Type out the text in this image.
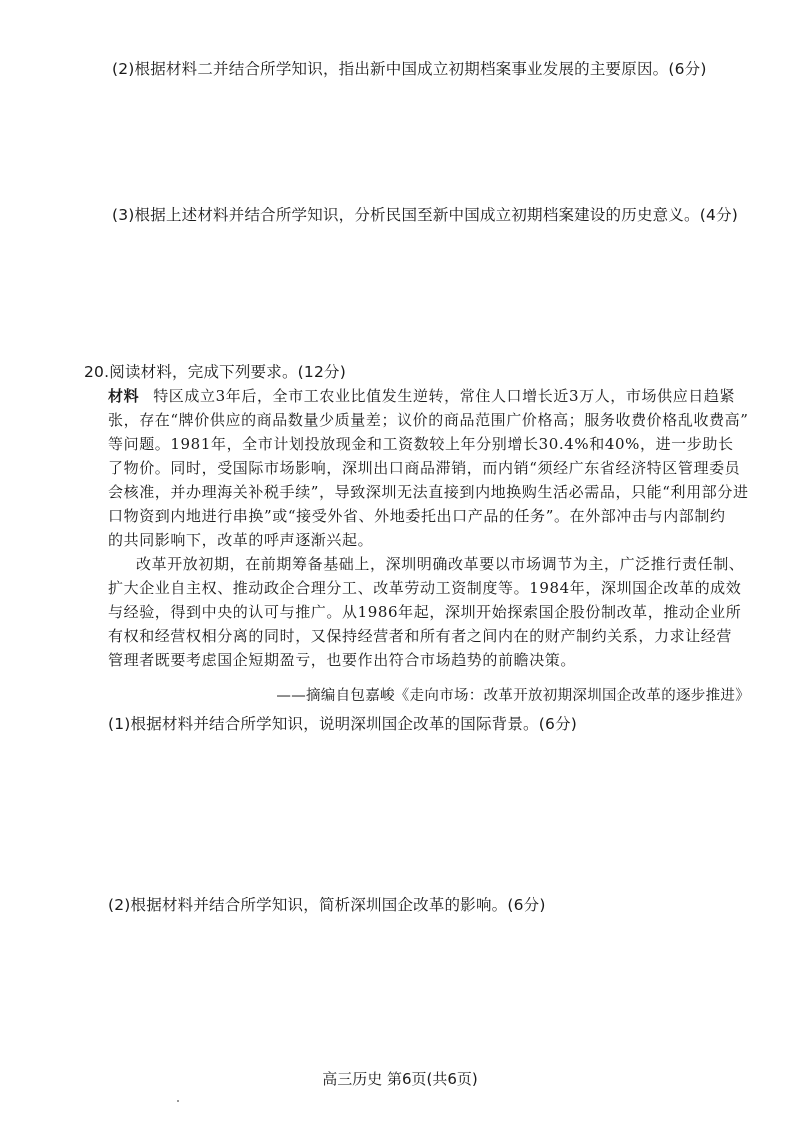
(2)根据材料二并结合所学知识，指出新中国成立初期档案事业发展的主要原因。(6分)
(3)根据上述材料并结合所学知识，分析民国至新中国成立初期档案建设的历史意义。(4分)
20.阅读材料，完成下列要求。(12分)
材料 特区成立3年后，全市工农业比值发生逆转，常住人口增长近3万人，市场供应日趋紧
张，存在“牌价供应的商品数量少质量差；议价的商品范围广价格高；服务收费价格乱收费高”
等问题。1981年，全市计划投放现金和工资数较上年分别增长30.4%和40%，进一步助长
了物价。同时，受国际市场影响，深圳出口商品滞销，而内销“须经广东省经济特区管理委员
会核准，并办理海关补税手续”，导致深圳无法直接到内地换购生活必需品，只能“利用部分进
口物资到内地进行串换”或“接受外省、外地委托出口产品的任务”。在外部冲击与内部制约
的共同影响下，改革的呼声逐渐兴起。
改革开放初期，在前期筹备基础上，深圳明确改革要以市场调节为主，广泛推行责任制、
扩大企业自主权、推动政企合理分工、改革劳动工资制度等。1984年，深圳国企改革的成效
与经验，得到中央的认可与推广。从1986年起，深圳开始探索国企股份制改革，推动企业所
有权和经营权相分离的同时，又保持经营者和所有者之间内在的财产制约关系，力求让经营
管理者既要考虑国企短期盈亏，也要作出符合市场趋势的前瞻决策。
——摘编自包嘉峻《走向市场：改革开放初期深圳国企改革的逐步推进》
(1)根据材料并结合所学知识，说明深圳国企改革的国际背景。(6分)
(2)根据材料并结合所学知识，简析深圳国企改革的影响。(6分)
高三历史 第6页(共6页)
